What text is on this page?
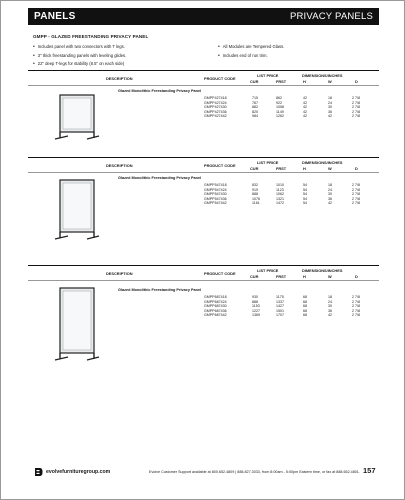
PANELS	PRIVACY PANELS
GMPP - GLAZED FREESTANDING PRIVACY PANEL
• Includes panel with two connectors with T legs.
• 3" thick freestanding panels with leveling glides.
• 22" deep T-legs for stability (8.5" on each side)
• All Modules are Tempered Glass.
• Includes end of run trim.
DESCRIPTION	PRODUCT CODE
LIST PRICE
CUR	FRST
DIMENSIONS/INCHES
H	W	D
Glazed Monolithic Freestanding Privacy Panel
GMPP427418	715	862	42	18	2 7/8
GMPP427424	767	922	42	24	2 7/8
GMPP427430	882	1058	42	30	2 7/8
GMPP427436	820	1149	42	36	2 7/8
GMPP427442	984	1262	42	42	2 7/8
DESCRIPTION	PRODUCT CODE
LIST PRICE
CUR	FRST
DIMENSIONS/INCHES
H	W	D
Glazed Monolithic Freestanding Privacy Panel
GMPP547418	832	1010	54	18	2 7/8
GMPP547424	919	1123	54	24	2 7/8
GMPP547430	888	1062	54	30	2 7/8
GMPP547436	1076	1321	54	36	2 7/8
GMPP547442	1161	1472	54	42	2 7/8
DESCRIPTION	PRODUCT CODE
LIST PRICE
CUR	FRST
DIMENSIONS/INCHES
H	W	D
Glazed Monolithic Freestanding Privacy Panel
GMPP687418	930	1175	68	18	2 7/8
GMPP687424	888	1337	68	24	2 7/8
GMPP687430	1153	1427	68	30	2 7/8
GMPP687436	1227	1501	68	36	2 7/8
GMPP687442	1369	1707	68	42	2 7/8
evolvefurnituregroup.com	Evolve Customer Support available at 800.652.4809 | 888.827.3033, from 8:00am - 5:00pm Eastern time, or fax at 888.652.4801. 157
